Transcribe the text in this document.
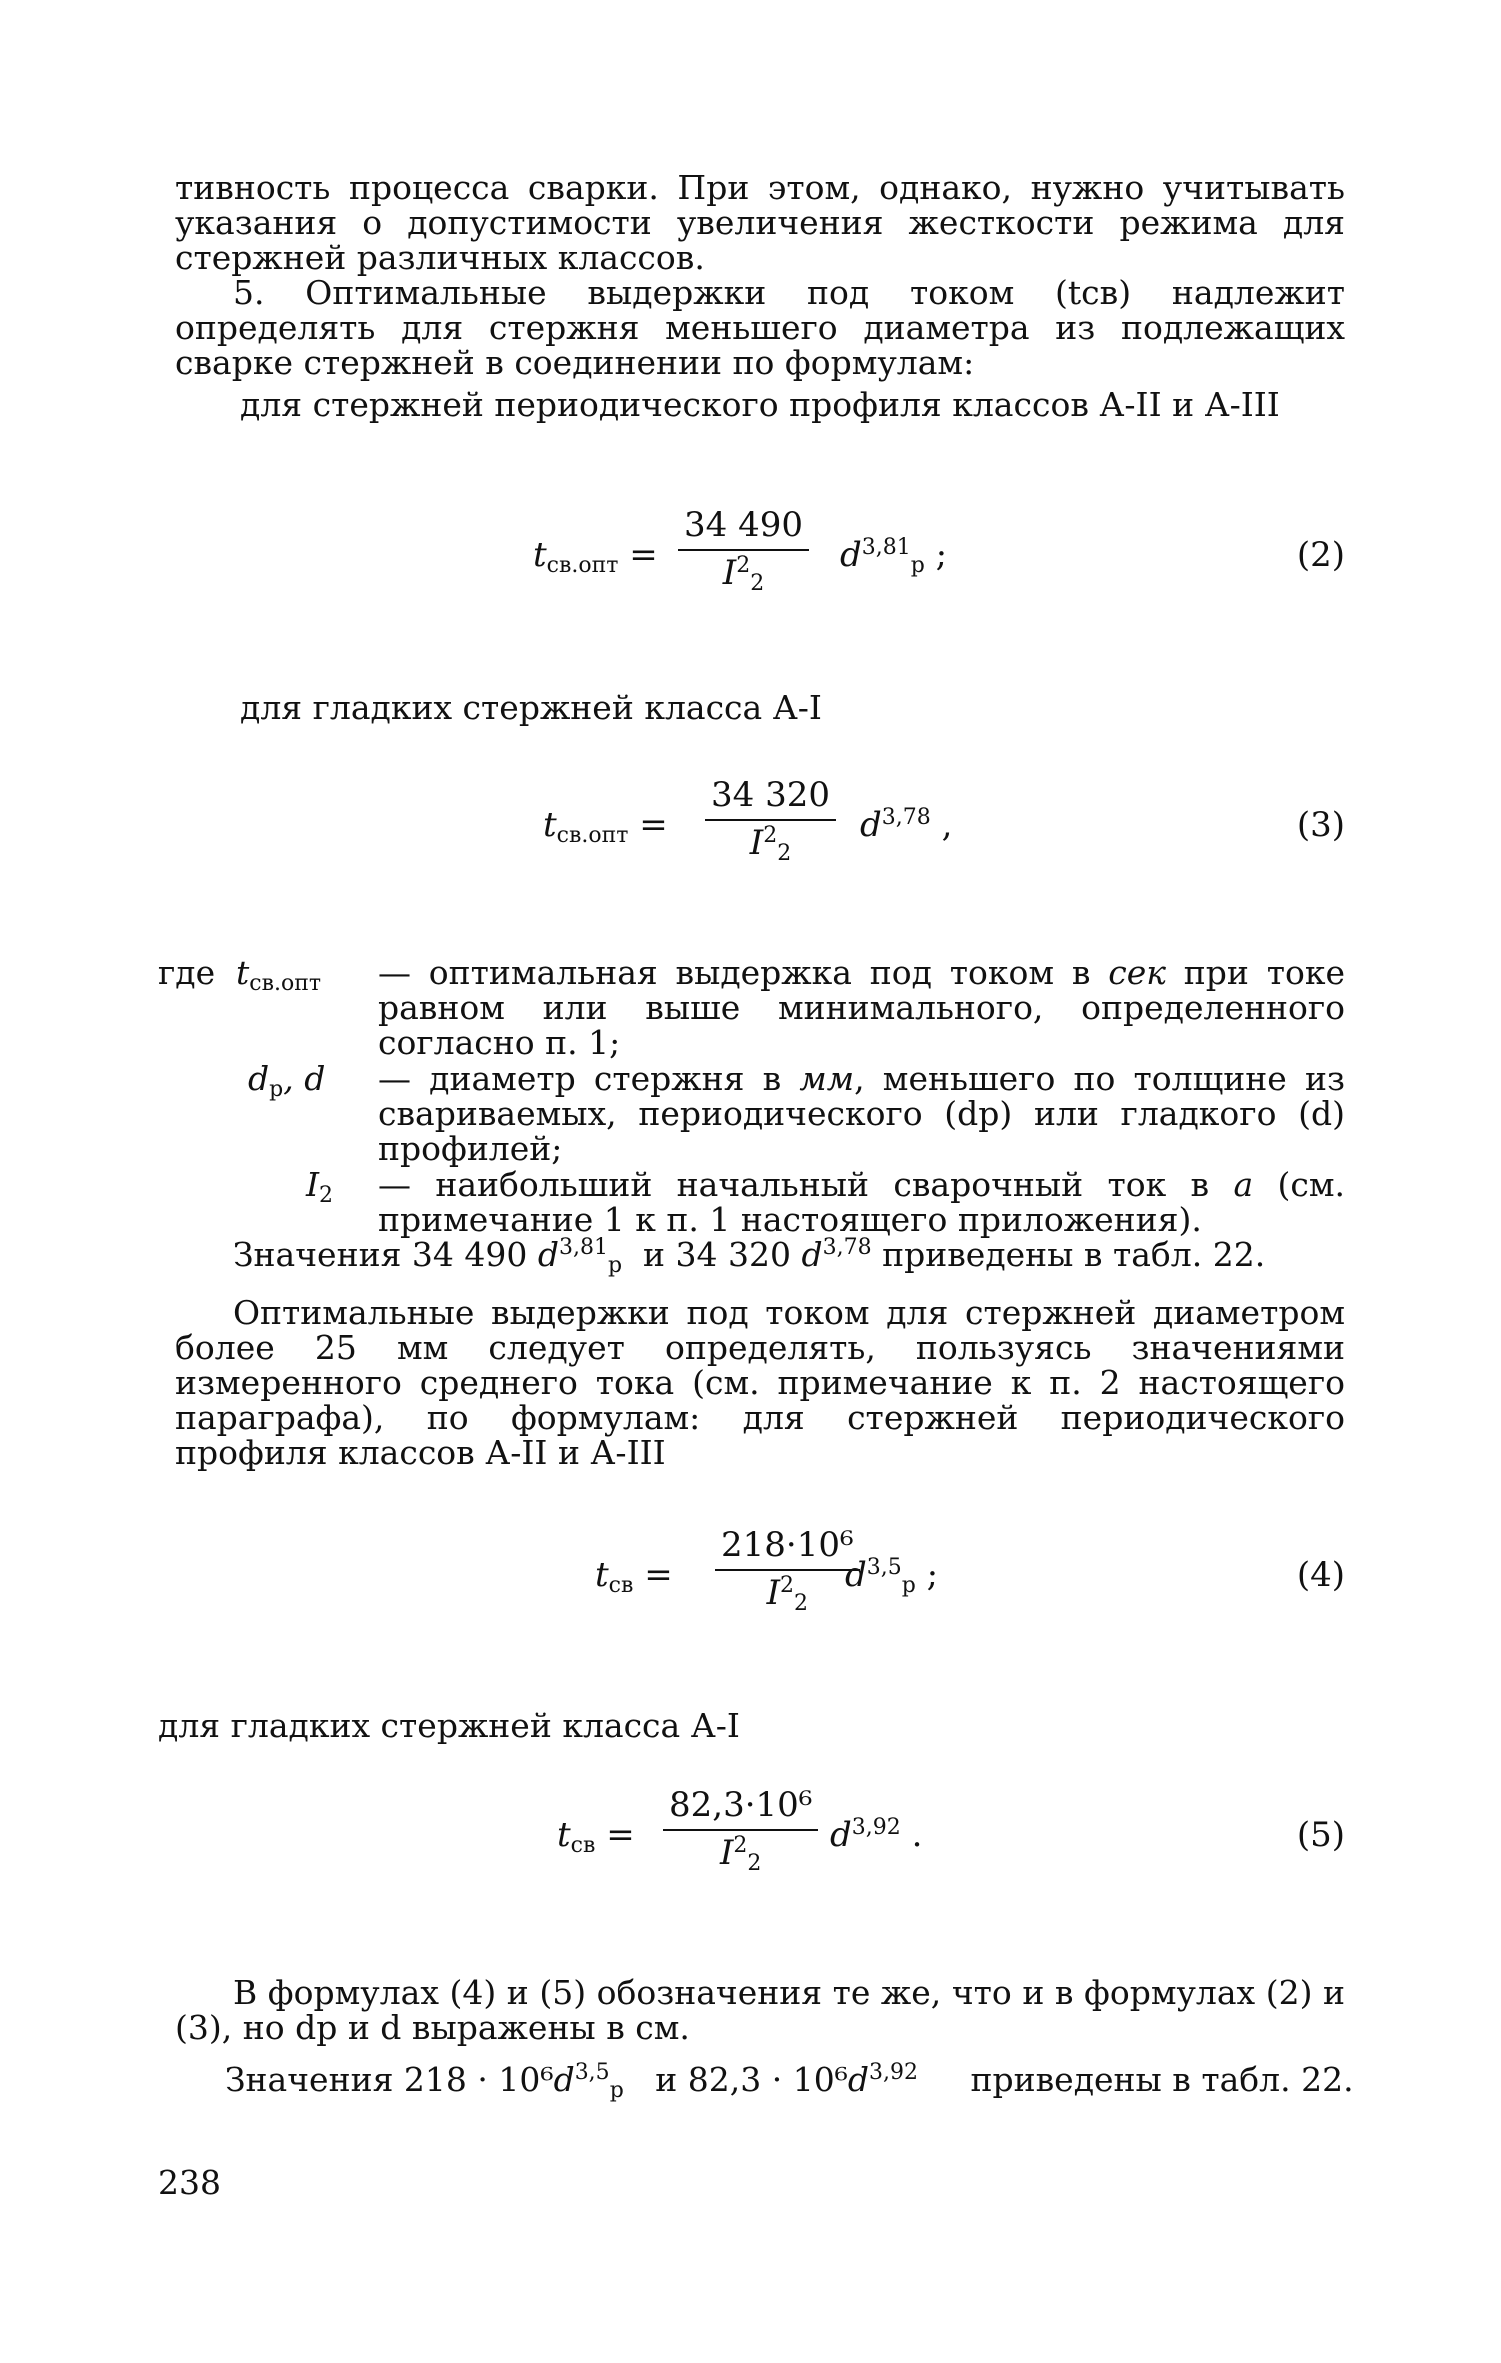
тивность процесса сварки. При этом, однако, нужно учитывать указания о допустимости увеличения жесткости режима для стержней различных классов.
5. Оптимальные выдержки под током (tсв) надлежит определять для стержня меньшего диаметра из подлежащих сварке стержней в соединении по формулам:
для стержней периодического профиля классов А-II и А-III
$t_{св.опт} = \frac{34 490}{I^2_2} d^{3,81}_р$ ;	(2)
для гладких стержней класса А-I
$t_{св.опт} = \frac{34 320}{I^2_2} d^{3,78}$ ,	(3)
где $t_{св.опт}$ — оптимальная выдержка под током в сек при токе равном или выше минимального, определенного согласно п. 1;
$d_р$, d — диаметр стержня в мм, меньшего по толщине из свариваемых, периодического (dр) или гладкого (d) профилей;
$I_2$ — наибольший начальный сварочный ток в а (см. примечание 1 к п. 1 настоящего приложения).
Значения 34 490 $d^{3,81}_р$ и 34 320 $d^{3,78}$ приведены в табл. 22.
Оптимальные выдержки под током для стержней диаметром более 25 мм следует определять, пользуясь значениями измеренного среднего тока (см. примечание к п. 2 настоящего параграфа), по формулам: для стержней периодического профиля классов А-II и А-III
$t_{св} = \frac{\text{218·10⁶}}{I^2_2}$
$d^{3,5}_р$ ;	(4)
для гладких стержней класса А-I
$t_{св} = \frac{\text{82,3·10⁶}}{I^2_2} d^{3,92}$ .	(5)
В формулах (4) и (5) обозначения те же, что и в формулах (2) и (3), но dp и d выражены в см.
Значения $218 \cdot 10^6d^{3,5}_р$ и $82,3 \cdot 10^6d^{3,92}$ приведены в табл. 22.
238
